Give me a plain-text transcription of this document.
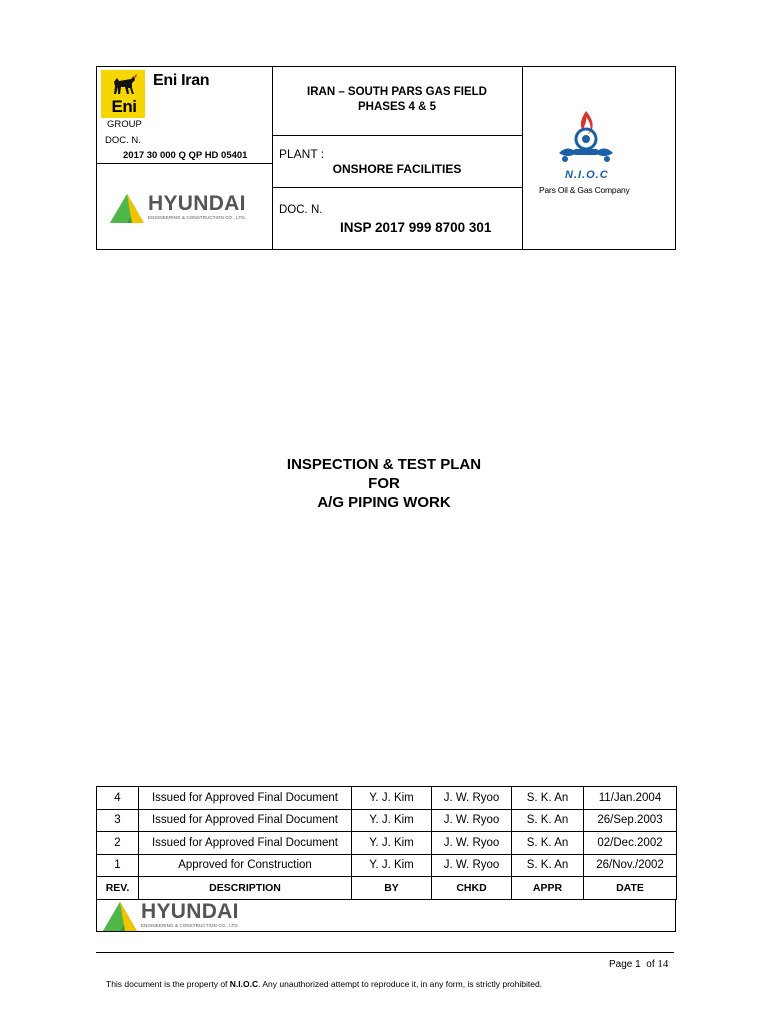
Eni
Eni Iran
GROUP
DOC. N.
2017 30 000 Q QP HD 05401
HYUNDAI
ENGINEERING & CONSTRUCTION CO., LTD.
IRAN – SOUTH PARS GAS FIELD
PHASES 4 & 5
PLANT :
ONSHORE FACILITIES
DOC. N.
INSP 2017 999 8700 301
N.I.O.C
Pars Oil & Gas Company
INSPECTION & TEST PLAN
FOR
A/G PIPING WORK
4	Issued for Approved Final Document	Y. J. Kim	J. W. Ryoo	S. K. An	11/Jan.2004
3	Issued for Approved Final Document	Y. J. Kim	J. W. Ryoo	S. K. An	26/Sep.2003
2	Issued for Approved Final Document	Y. J. Kim	J. W. Ryoo	S. K. An	02/Dec.2002
1	Approved for Construction	Y. J. Kim	J. W. Ryoo	S. K. An	26/Nov./2002
REV.	DESCRIPTION	BY	CHKD	APPR	DATE
HYUNDAI
ENGINEERING & CONSTRUCTION CO., LTD.
Page 1 of 14
This document is the property of N.I.O.C. Any unauthorized attempt to reproduce it, in any form, is strictly prohibited.
